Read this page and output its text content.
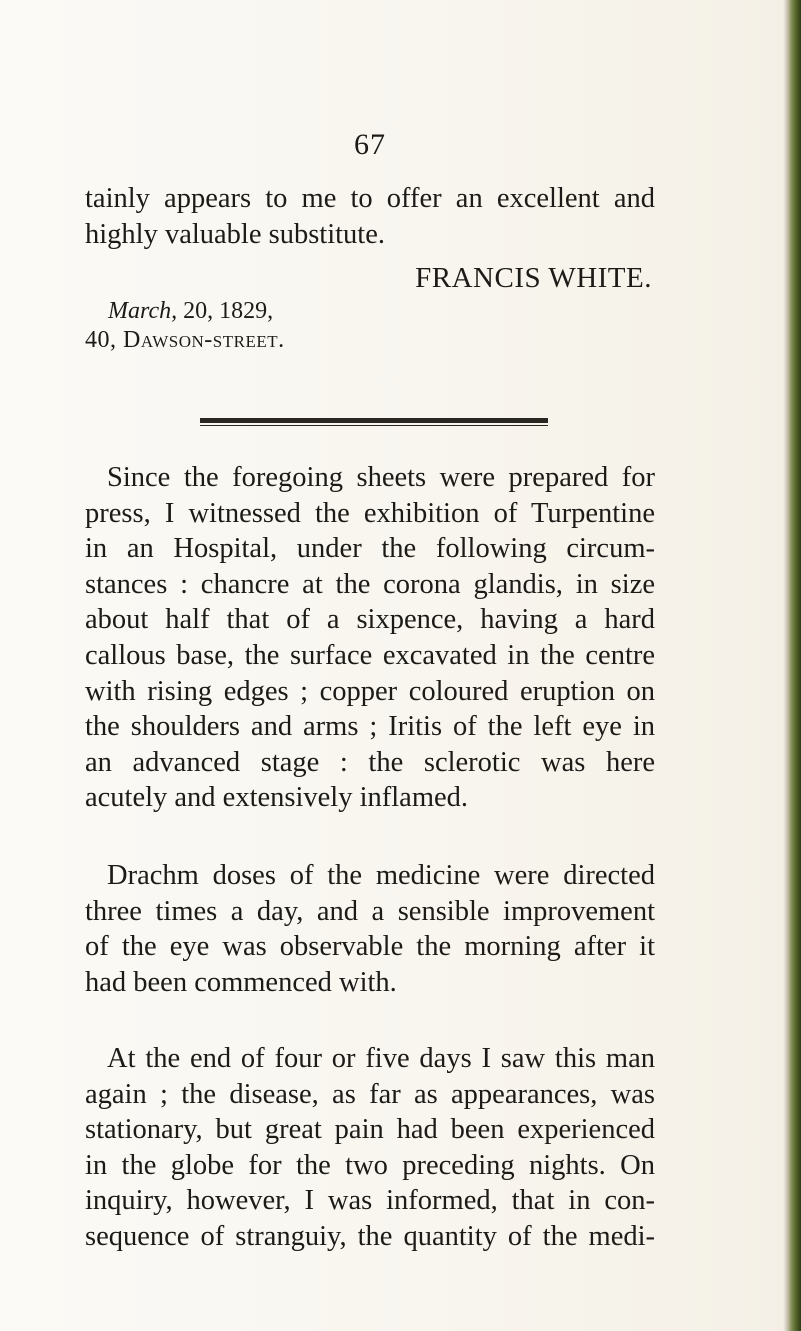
67
tainly appears to me to offer an excellent and
highly valuable substitute.
FRANCIS WHITE.
March, 20, 1829,
40, Dawson-street.
Since the foregoing sheets were prepared for
press, I witnessed the exhibition of Turpentine
in an Hospital, under the following circum-
stances : chancre at the corona glandis, in size
about half that of a sixpence, having a hard
callous base, the surface excavated in the centre
with rising edges ; copper coloured eruption on
the shoulders and arms ; Iritis of the left eye in
an advanced stage : the sclerotic was here
acutely and extensively inflamed.
Drachm doses of the medicine were directed
three times a day, and a sensible improvement
of the eye was observable the morning after it
had been commenced with.
At the end of four or five days I saw this man
again ; the disease, as far as appearances, was
stationary, but great pain had been experienced
in the globe for the two preceding nights. On
inquiry, however, I was informed, that in con-
sequence of stranguiy, the quantity of the medi-
